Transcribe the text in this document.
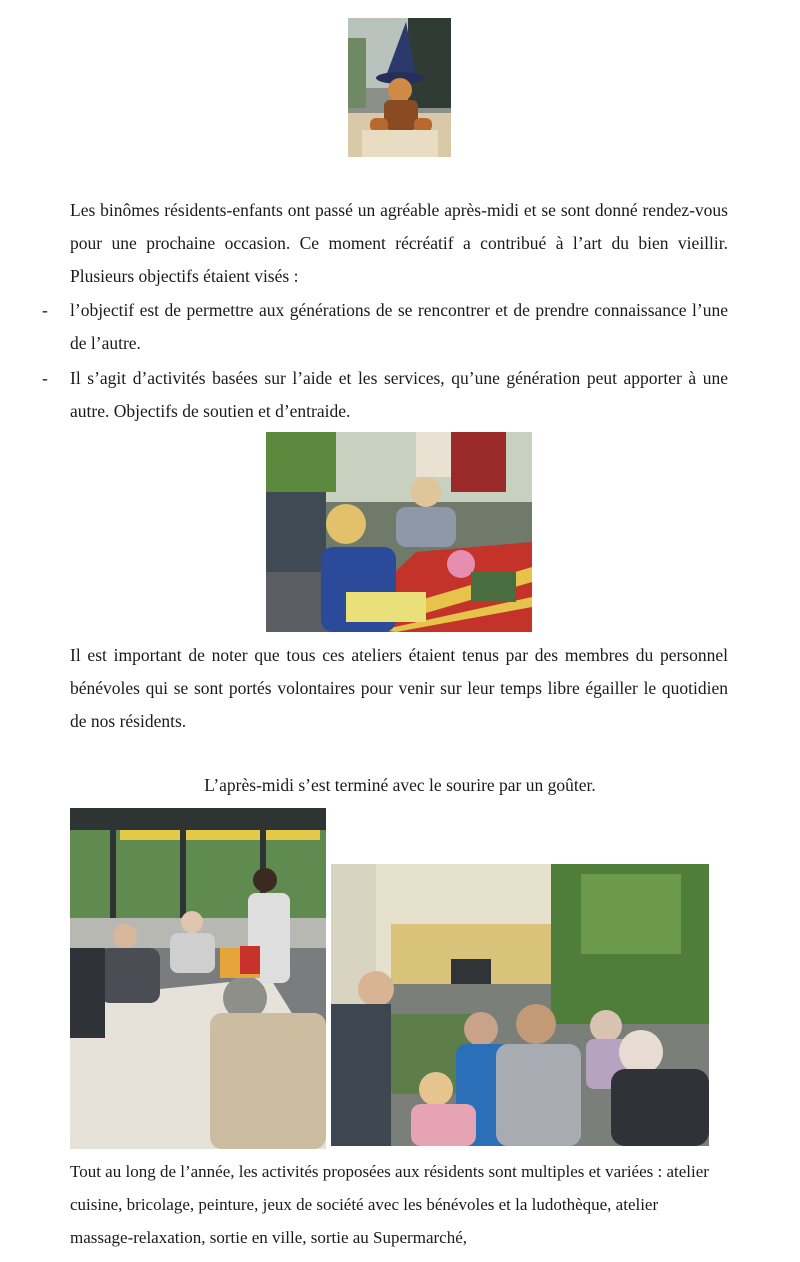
Les binômes résidents-enfants ont passé un agréable après-midi et se sont donné rendez-vous pour une prochaine occasion. Ce moment récréatif a contribué à l’art du bien vieillir. Plusieurs objectifs étaient visés :

- l’objectif est de permettre aux générations de se rencontrer et de prendre connaissance l’une de l’autre.

- Il s’agit d’activités basées sur l’aide et les services, qu’une génération peut apporter à une autre. Objectifs de soutien et d’entraide.

Il est important de noter que tous ces ateliers étaient tenus par des membres du personnel bénévoles qui se sont portés volontaires pour venir sur leur temps libre égailler le quotidien de nos résidents.

L’après-midi s’est terminé avec le sourire par un goûter.

Tout au long de l’année, les activités proposées aux résidents sont multiples et variées : atelier cuisine, bricolage, peinture, jeux de société avec les bénévoles et la ludothèque, atelier massage-relaxation, sortie en ville, sortie au Supermarché,
